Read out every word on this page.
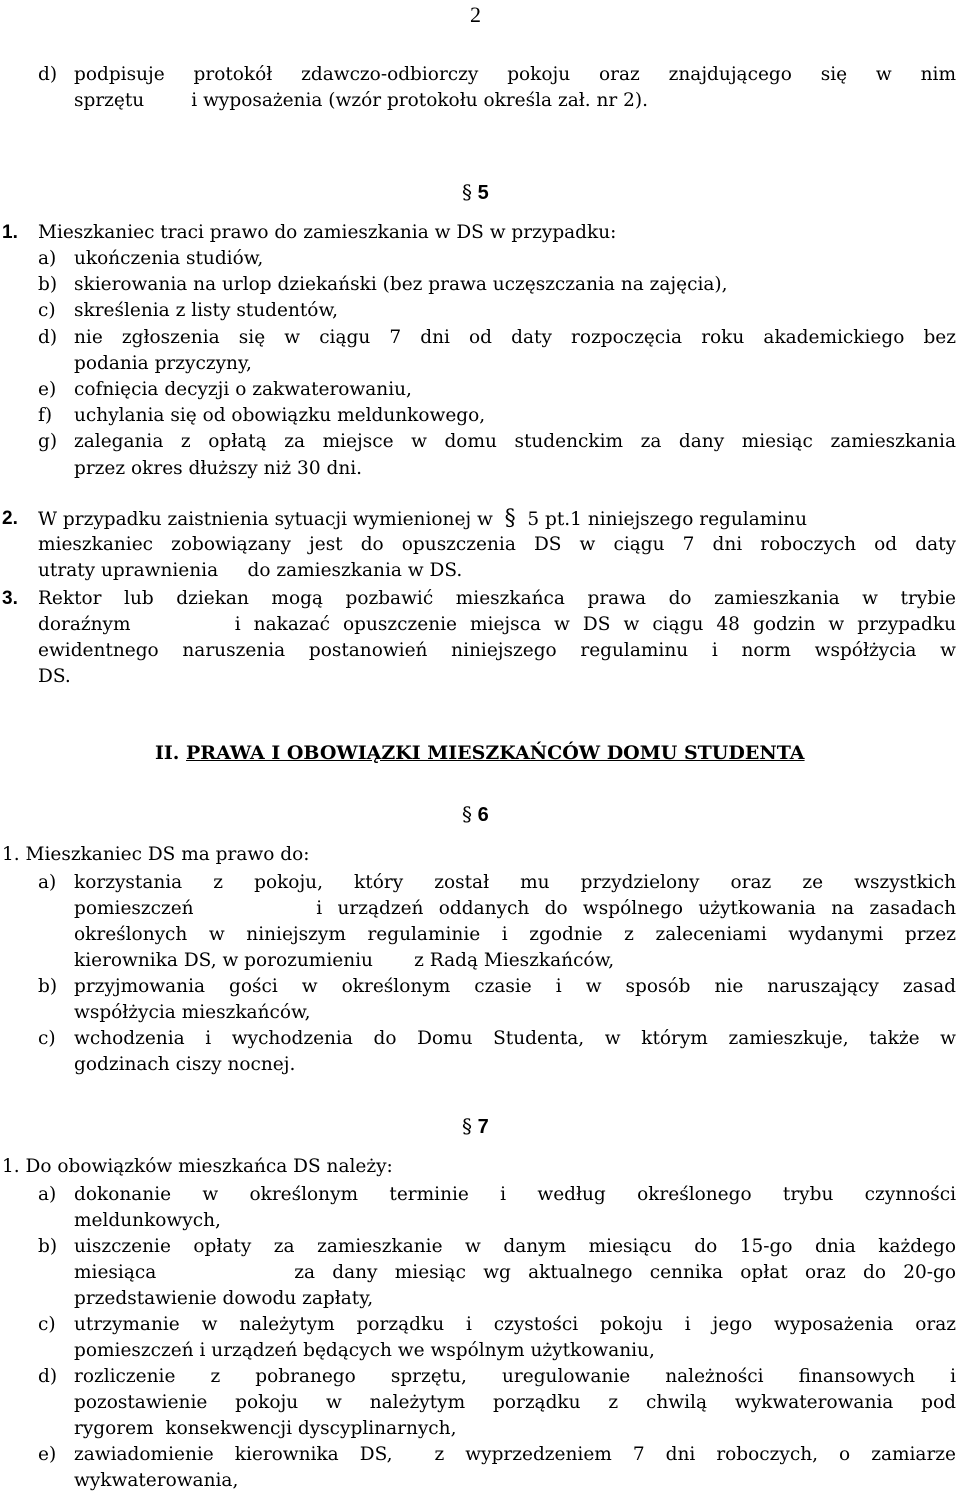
2
d) podpisuje protokół zdawczo-odbiorczy pokoju oraz znajdującego się w nim
sprzętu        i wyposażenia (wzór protokołu określa zał. nr 2).
§ 5
1. Mieszkaniec traci prawo do zamieszkania w DS w przypadku:
a) ukończenia studiów,
b) skierowania na urlop dziekański (bez prawa uczęszczania na zajęcia),
c) skreślenia z listy studentów,
d) nie zgłoszenia się w ciągu 7 dni od daty rozpoczęcia roku akademickiego bez
podania przyczyny,
e) cofnięcia decyzji o zakwaterowaniu,
f)	uchylania się od obowiązku meldunkowego,
g) zalegania z opłatą za miejsce w domu studenckim za dany miesiąc zamieszkania
przez okres dłuższy niż 30 dni.
2. W przypadku zaistnienia sytuacji wymienionej w § 5 pt.1 niniejszego regulaminu
mieszkaniec zobowiązany jest do opuszczenia DS w ciągu 7 dni roboczych od daty
utraty uprawnienia     do zamieszkania w DS.
3. Rektor lub dziekan mogą pozbawić mieszkańca prawa do zamieszkania w trybie
doraźnym        i nakazać opuszczenie miejsca w DS w ciągu 48 godzin w przypadku
ewidentnego naruszenia postanowień niniejszego regulaminu i norm współżycia w
DS.
II. PRAWA I OBOWIĄZKI MIESZKAŃCÓW DOMU STUDENTA
§ 6
1. Mieszkaniec DS ma prawo do:
a) korzystania z pokoju, który został mu przydzielony oraz ze wszystkich
pomieszczeń        i urządzeń oddanych do wspólnego użytkowania na zasadach
określonych w niniejszym regulaminie i zgodnie z zaleceniami wydanymi przez
kierownika DS, w porozumieniu       z Radą Mieszkańców,
b) przyjmowania gości w określonym czasie i w sposób nie naruszający zasad
współżycia mieszkańców,
c) wchodzenia i wychodzenia do Domu Studenta, w którym zamieszkuje, także w
godzinach ciszy nocnej.
§ 7
1. Do obowiązków mieszkańca DS należy:
a) dokonanie w określonym terminie i według określonego trybu czynności
meldunkowych,
b) uiszczenie opłaty za zamieszkanie w danym miesiącu do 15-go dnia każdego
miesiąca        za dany miesiąc wg aktualnego cennika opłat oraz do 20-go
przedstawienie dowodu zapłaty,
c) utrzymanie w należytym porządku i czystości pokoju i jego wyposażenia oraz
pomieszczeń i urządzeń będących we wspólnym użytkowaniu,
d) rozliczenie z pobranego sprzętu, uregulowanie należności finansowych i
pozostawienie pokoju w należytym porządku z chwilą wykwaterowania pod
rygorem  konsekwencji dyscyplinarnych,
e) zawiadomienie kierownika DS,  z wyprzedzeniem 7 dni roboczych, o zamiarze
wykwaterowania,
